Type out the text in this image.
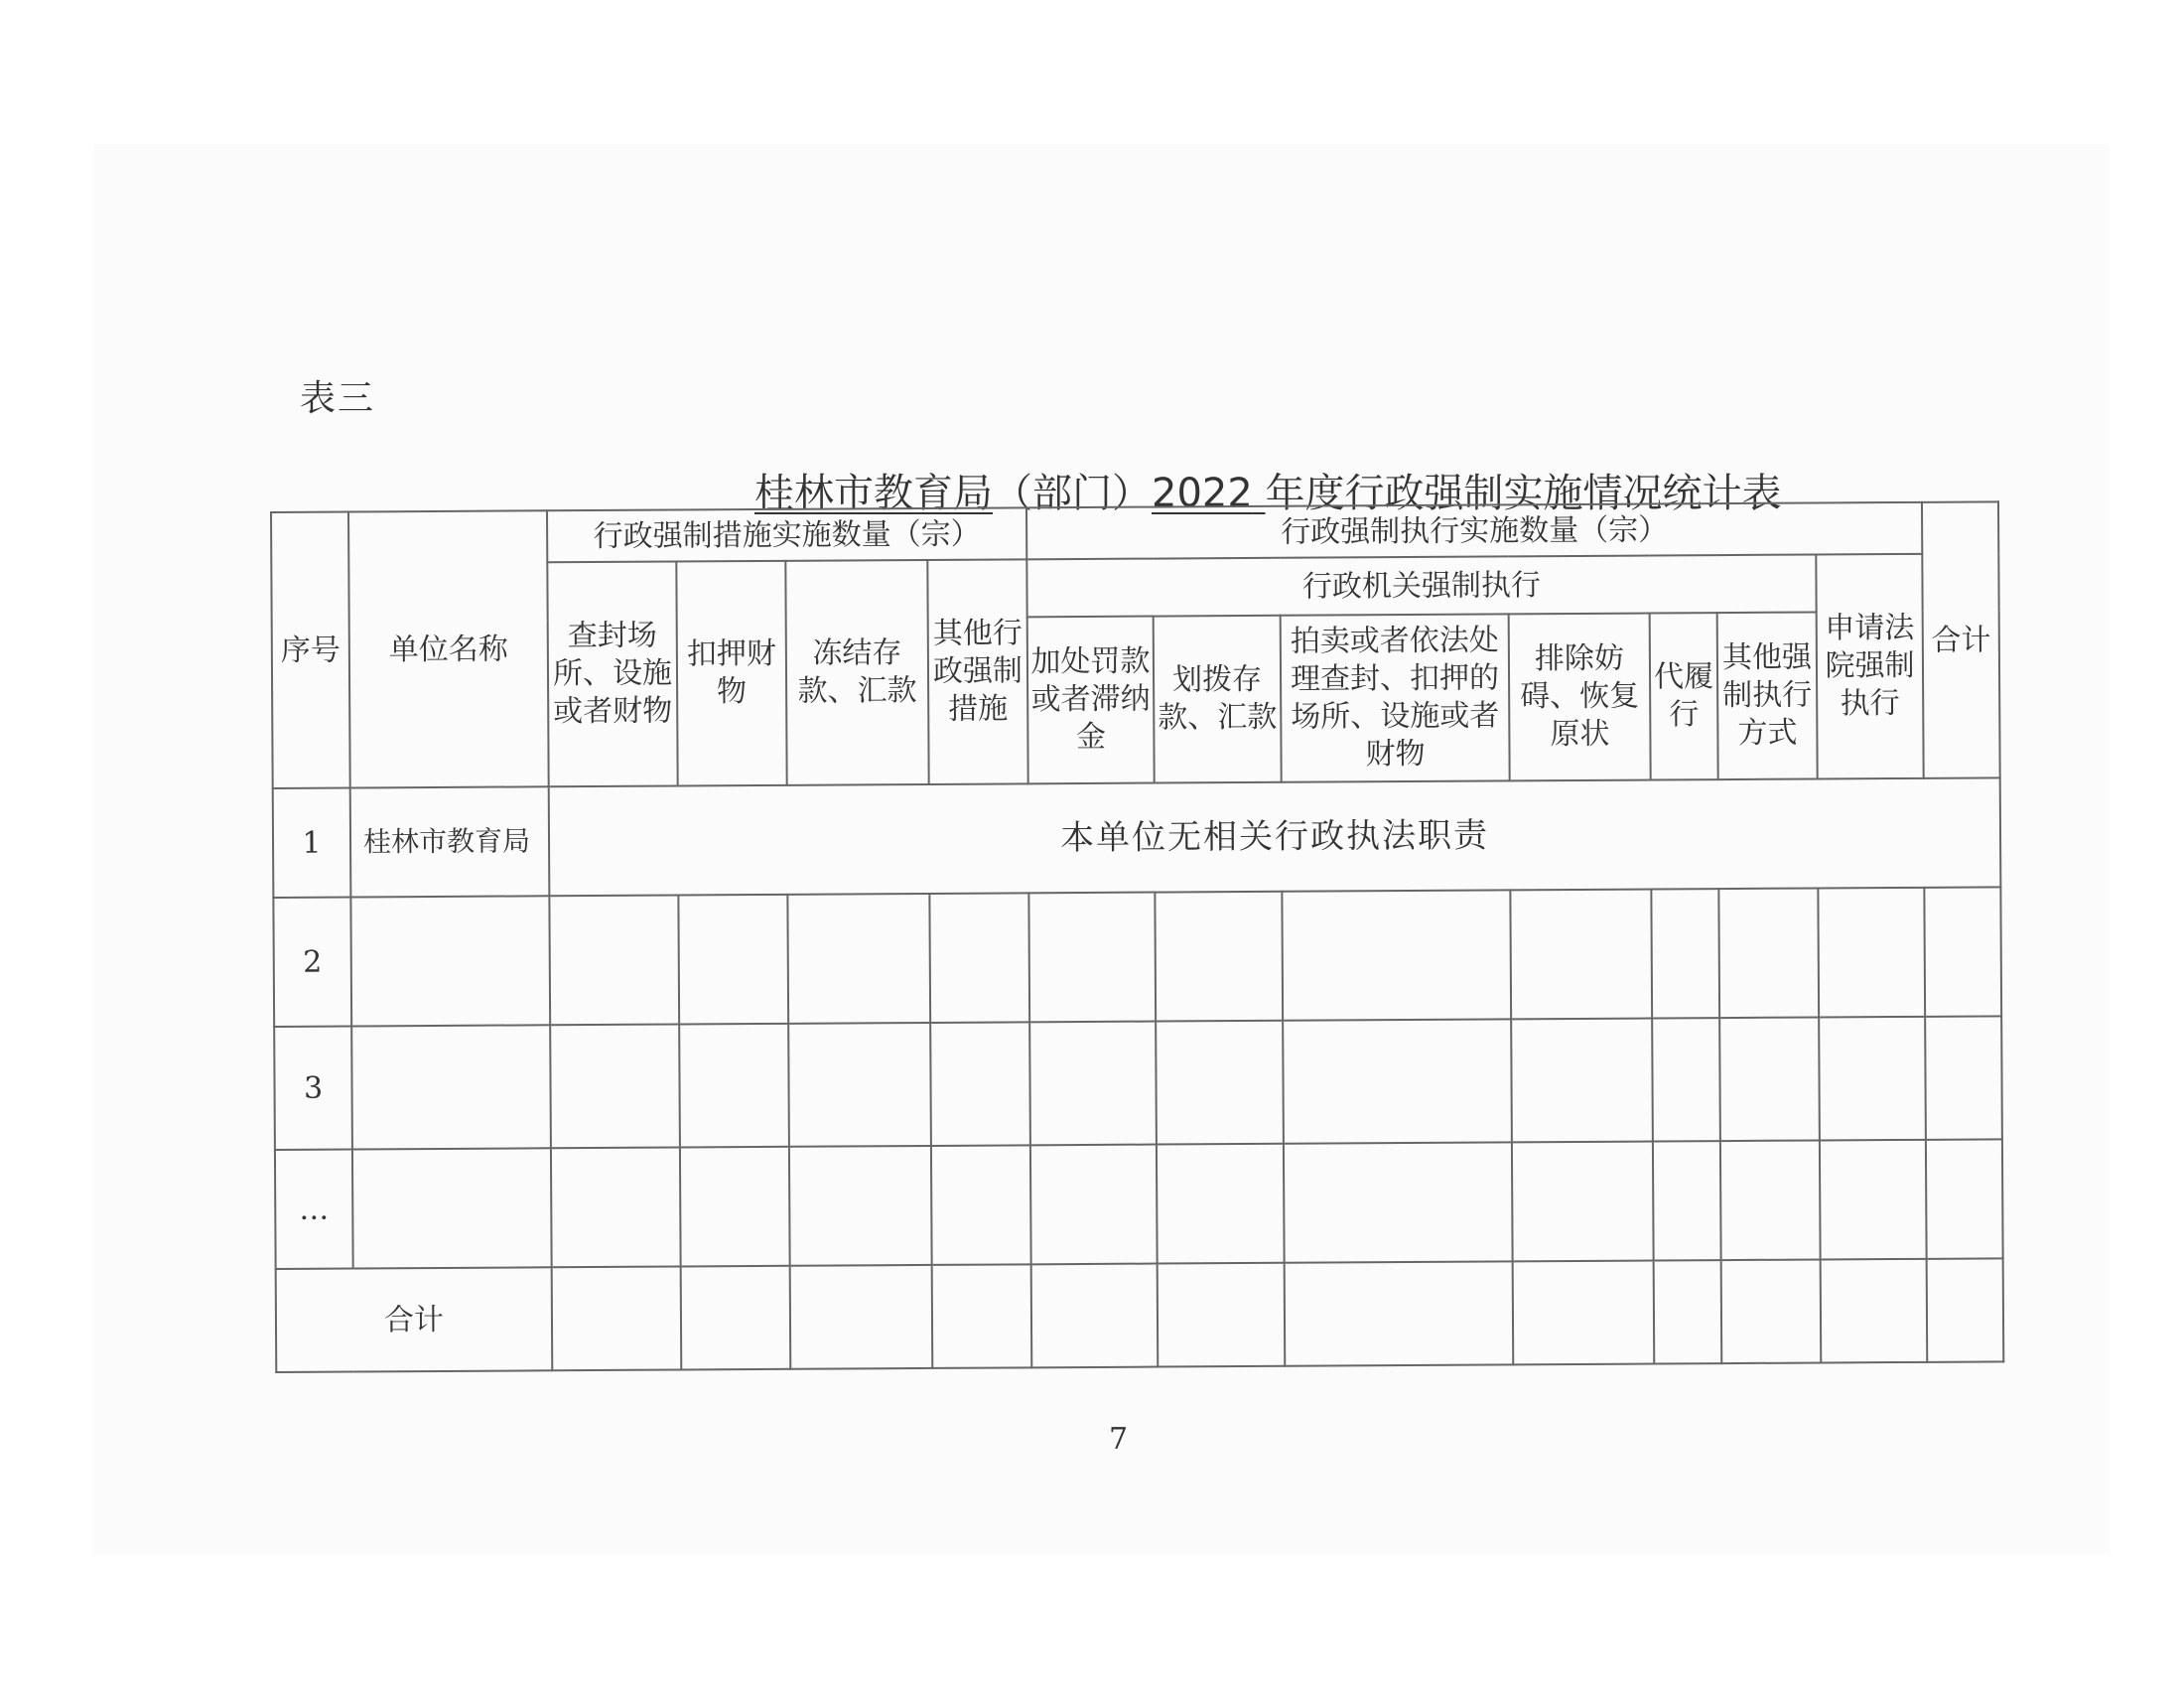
表三
桂林市教育局（部门）2022 年度行政强制实施情况统计表
序号	单位名称	行政强制措施实施数量（宗）				行政强制执行实施数量（宗）							合计
		查封场所、设施或者财物	扣押财物	冻结存款、汇款	其他行政强制措施	行政机关强制执行						申请法院强制执行	
						加处罚款或者滞纳金	划拨存款、汇款	拍卖或者依法处理查封、扣押的场所、设施或者财物	排除妨碍、恢复原状	代履行	其他强制执行方式		
1	桂林市教育局	本单位无相关行政执法职责											
2													
3													
…													
合计													
7
